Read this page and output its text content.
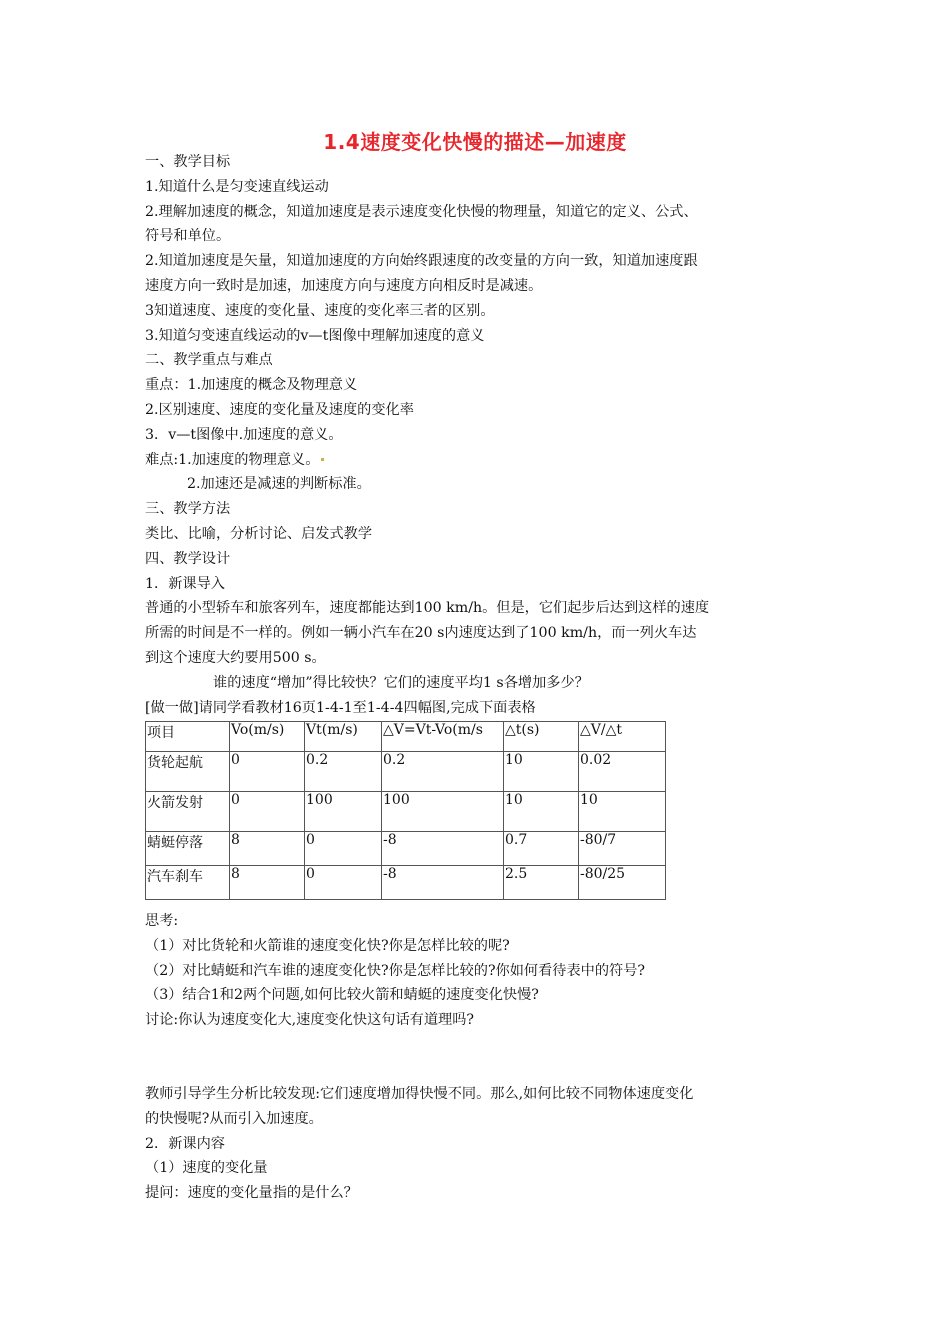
1.4速度变化快慢的描述—加速度
一、教学目标
1.知道什么是匀变速直线运动
2.理解加速度的概念，知道加速度是表示速度变化快慢的物理量，知道它的定义、公式、
符号和单位。
2.知道加速度是矢量，知道加速度的方向始终跟速度的改变量的方向一致，知道加速度跟
速度方向一致时是加速，加速度方向与速度方向相反时是减速。
3知道速度、速度的变化量、速度的变化率三者的区别。
3.知道匀变速直线运动的v—t图像中理解加速度的意义
二、教学重点与难点
重点：1.加速度的概念及物理意义
2.区别速度、速度的变化量及速度的变化率
3．v—t图像中.加速度的意义。
难点:1.加速度的物理意义。
2.加速还是减速的判断标准。
三、教学方法
类比、比喻，分析讨论、启发式教学
四、教学设计
1．新课导入
普通的小型轿车和旅客列车，速度都能达到100 km/h。但是，它们起步后达到这样的速度
所需的时间是不一样的。例如一辆小汽车在20 s内速度达到了100 km/h，而一列火车达
到这个速度大约要用500 s。
谁的速度“增加”得比较快？它们的速度平均1 s各增加多少？
[做一做]请同学看教材16页1-4-1至1-4-4四幅图,完成下面表格
项目	Vo(m/s)	Vt(m/s)	△V=Vt-Vo(m/s	△t(s)	△V/△t
货轮起航	0	0.2	0.2	10	0.02
火箭发射	0	100	100	10	10
蜻蜓停落	8	0	-8	0.7	-80/7
汽车刹车	8	0	-8	2.5	-80/25
思考:
（1）对比货轮和火箭谁的速度变化快?你是怎样比较的呢?
（2）对比蜻蜓和汽车谁的速度变化快?你是怎样比较的?你如何看待表中的符号?
（3）结合1和2两个问题,如何比较火箭和蜻蜓的速度变化快慢?
讨论:你认为速度变化大,速度变化快这句话有道理吗?
教师引导学生分析比较发现:它们速度增加得快慢不同。那么,如何比较不同物体速度变化
的快慢呢?从而引入加速度。
2．新课内容
（1）速度的变化量
提问：速度的变化量指的是什么？
